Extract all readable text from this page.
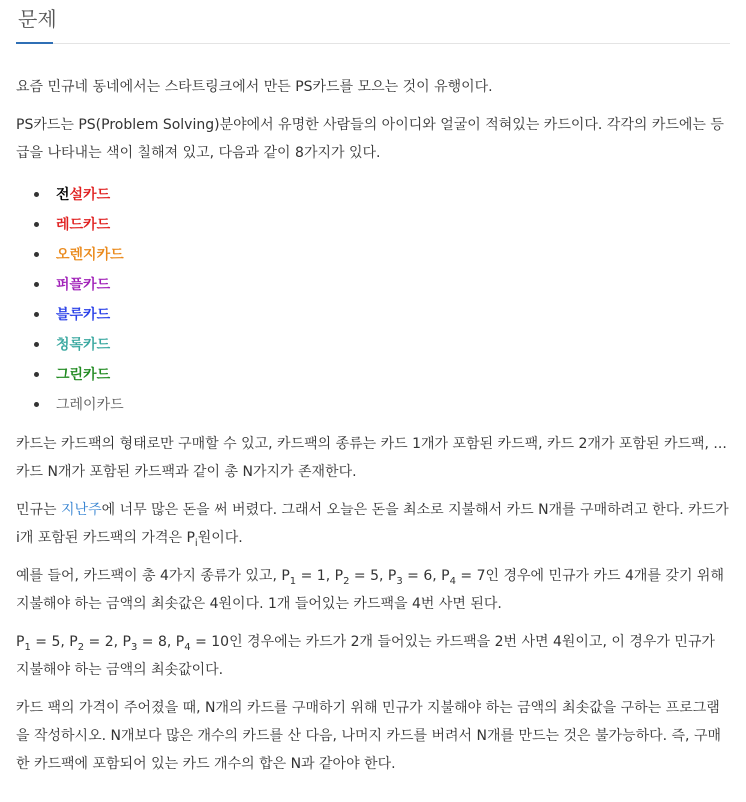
문제

요즘 민규네 동네에서는 스타트링크에서 만든 PS카드를 모으는 것이 유행이다.

PS카드는 PS(Problem Solving)분야에서 유명한 사람들의 아이디와 얼굴이 적혀있는 카드이다. 각각의 카드에는 등급을 나타내는 색이 칠해져 있고, 다음과 같이 8가지가 있다.

전설카드
레드카드
오렌지카드
퍼플카드
블루카드
청록카드
그린카드
그레이카드

카드는 카드팩의 형태로만 구매할 수 있고, 카드팩의 종류는 카드 1개가 포함된 카드팩, 카드 2개가 포함된 카드팩, ... 카드 N개가 포함된 카드팩과 같이 총 N가지가 존재한다.

민규는 지난주에 너무 많은 돈을 써 버렸다. 그래서 오늘은 돈을 최소로 지불해서 카드 N개를 구매하려고 한다. 카드가 i개 포함된 카드팩의 가격은 $P_i$원이다.

예를 들어, 카드팩이 총 4가지 종류가 있고, $P_1 = 1$, $P_2 = 5$, $P_3 = 6$, $P_4 = 7$인 경우에 민규가 카드 4개를 갖기 위해 지불해야 하는 금액의 최솟값은 4원이다. 1개 들어있는 카드팩을 4번 사면 된다.

$P_1 = 5$, $P_2 = 2$, $P_3 = 8$, $P_4 = 10$인 경우에는 카드가 2개 들어있는 카드팩을 2번 사면 4원이고, 이 경우가 민규가 지불해야 하는 금액의 최솟값이다.

카드 팩의 가격이 주어졌을 때, N개의 카드를 구매하기 위해 민규가 지불해야 하는 금액의 최솟값을 구하는 프로그램을 작성하시오. N개보다 많은 개수의 카드를 산 다음, 나머지 카드를 버려서 N개를 만드는 것은 불가능하다. 즉, 구매한 카드팩에 포함되어 있는 카드 개수의 합은 N과 같아야 한다.
